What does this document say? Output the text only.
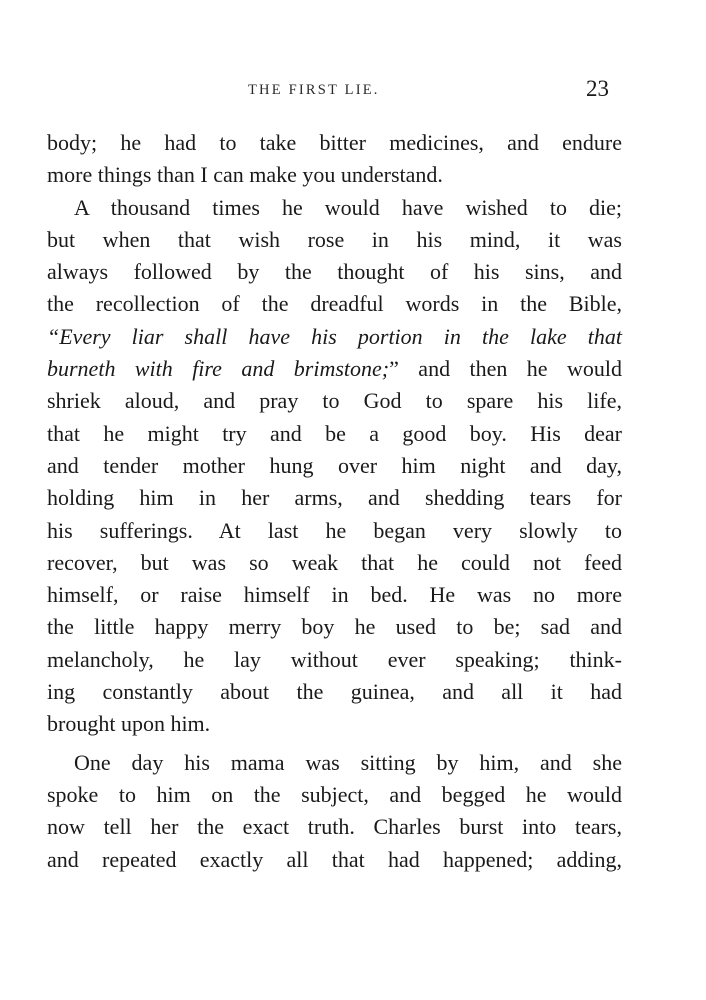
THE FIRST LIE.	23
body; he had to take bitter medicines, and endure
more things than I can make you understand.
A thousand times he would have wished to die;
but when that wish rose in his mind, it was
always followed by the thought of his sins, and
the recollection of the dreadful words in the Bible,
“Every liar shall have his portion in the lake that
burneth with fire and brimstone;” and then he would
shriek aloud, and pray to God to spare his life,
that he might try and be a good boy. His dear
and tender mother hung over him night and day,
holding him in her arms, and shedding tears for
his sufferings. At last he began very slowly to
recover, but was so weak that he could not feed
himself, or raise himself in bed. He was no more
the little happy merry boy he used to be; sad and
melancholy, he lay without ever speaking; think-
ing constantly about the guinea, and all it had
brought upon him.
One day his mama was sitting by him, and she
spoke to him on the subject, and begged he would
now tell her the exact truth. Charles burst into tears,
and repeated exactly all that had happened; adding,
